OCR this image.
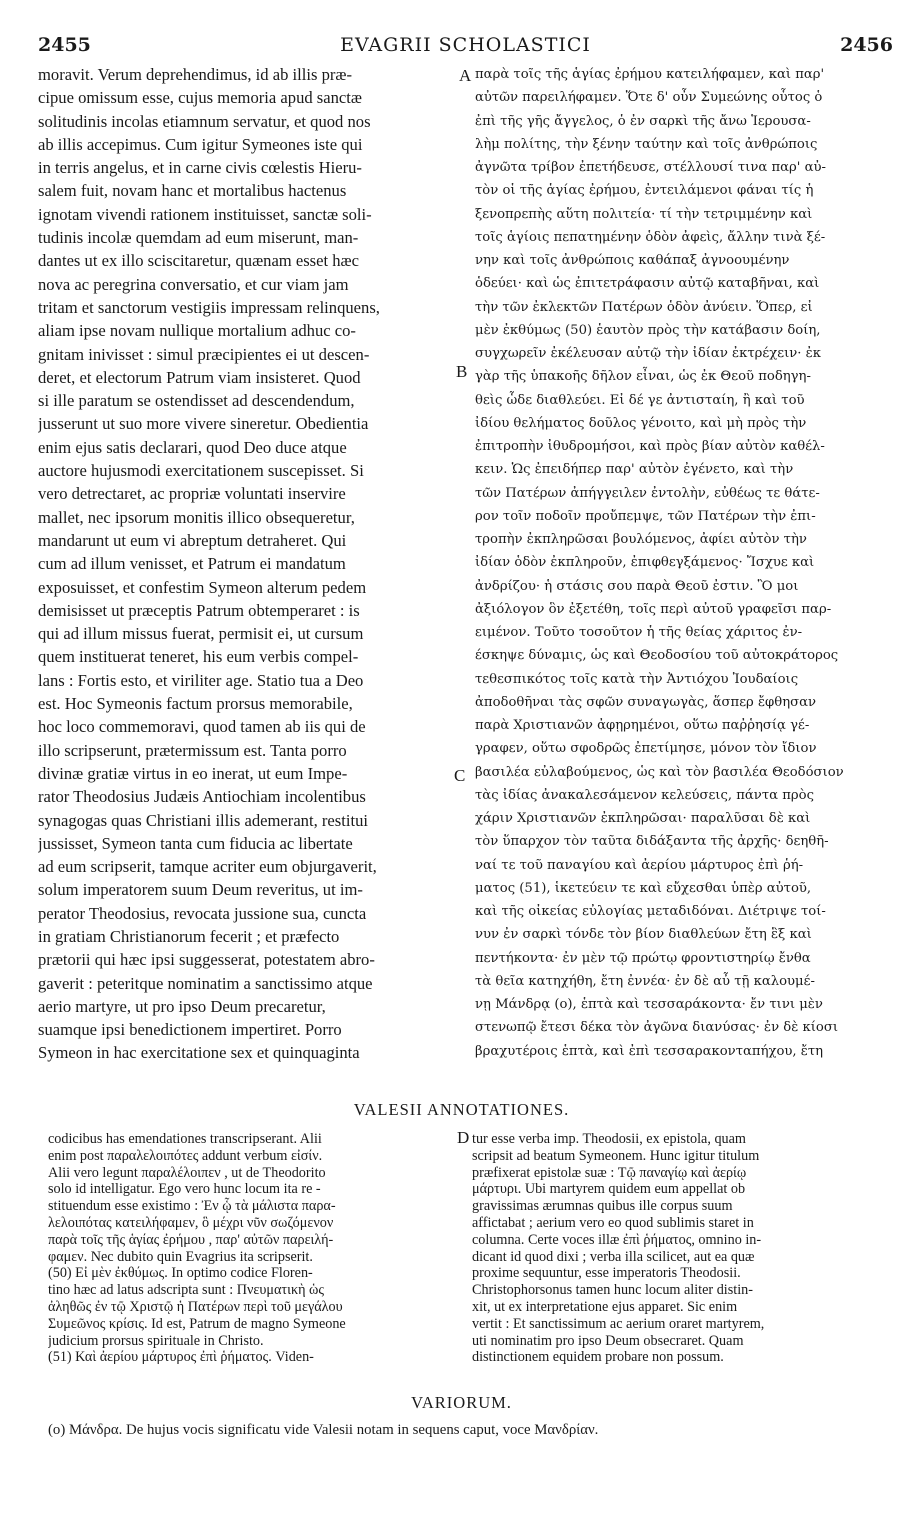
2455	EVAGRII SCHOLASTICI	2456
moravit. Verum deprehendimus, id ab illis præ-
cipue omissum esse, cujus memoria apud sanctæ
solitudinis incolas etiamnum servatur, et quod nos
ab illis accepimus. Cum igitur Symeones iste qui
in terris angelus, et in carne civis cœlestis Hieru-
salem fuit, novam hanc et mortalibus hactenus
ignotam vivendi rationem instituisset, sanctæ soli-
tudinis incolæ quemdam ad eum miserunt, man-
dantes ut ex illo sciscitaretur, quænam esset hæc
nova ac peregrina conversatio, et cur viam jam
tritam et sanctorum vestigiis impressam relinquens,
aliam ipse novam nullique mortalium adhuc co-
gnitam inivisset : simul præcipientes ei ut descen-
deret, et electorum Patrum viam insisteret. Quod
si ille paratum se ostendisset ad descendendum,
jusserunt ut suo more vivere sineretur. Obedientia
enim ejus satis declarari, quod Deo duce atque
auctore hujusmodi exercitationem suscepisset. Si
vero detrectaret, ac propriæ voluntati inservire
mallet, nec ipsorum monitis illico obsequeretur,
mandarunt ut eum vi abreptum detraheret. Qui
cum ad illum venisset, et Patrum ei mandatum
exposuisset, et confestim Symeon alterum pedem
demisisset ut præceptis Patrum obtemperaret : is
qui ad illum missus fuerat, permisit ei, ut cursum
quem instituerat teneret, his eum verbis compel-
lans : Fortis esto, et viriliter age. Statio tua a Deo
est. Hoc Symeonis factum prorsus memorabile,
hoc loco commemoravi, quod tamen ab iis qui de
illo scripserunt, prætermissum est. Tanta porro
divinæ gratiæ virtus in eo inerat, ut eum Impe-
rator Theodosius Judæis Antiochiam incolentibus
synagogas quas Christiani illis ademerant, restitui
jussisset, Symeon tanta cum fiducia ac libertate
ad eum scripserit, tamque acriter eum objurgaverit,
solum imperatorem suum Deum reveritus, ut im-
perator Theodosius, revocata jussione sua, cuncta
in gratiam Christianorum fecerit ; et præfecto
prætorii qui hæc ipsi suggesserat, potestatem abro-
gaverit : peteritque nominatim a sanctissimo atque
aerio martyre, ut pro ipso Deum precaretur,
suamque ipsi benedictionem impertiret. Porro
Symeon in hac exercitatione sex et quinquaginta
παρὰ τοῖς τῆς ἁγίας ἐρήμου κατειλήφαμεν, καὶ παρ'
αὐτῶν παρειλήφαμεν. Ὅτε δ' οὖν Συμεώνης οὗτος ὁ
ἐπὶ τῆς γῆς ἄγγελος, ὁ ἐν σαρκὶ τῆς ἄνω Ἱερουσα-
λὴμ πολίτης, τὴν ξένην ταύτην καὶ τοῖς ἀνθρώποις
ἀγνῶτα τρίβον ἐπετήδευσε, στέλλουσί τινα παρ' αὐ-
τὸν οἱ τῆς ἁγίας ἐρήμου, ἐντειλάμενοι φάναι τίς ἡ
ξενοπρεπὴς αὕτη πολιτεία· τί τὴν τετριμμένην καὶ
τοῖς ἁγίοις πεπατημένην ὁδὸν ἀφεὶς, ἄλλην τινὰ ξέ-
νην καὶ τοῖς ἀνθρώποις καθάπαξ ἀγνοουμένην
ὁδεύει· καὶ ὡς ἐπιτετράφασιν αὐτῷ καταβῆναι, καὶ
τὴν τῶν ἐκλεκτῶν Πατέρων ὁδὸν ἀνύειν. Ὅπερ, εἰ
μὲν ἐκθύμως (50) ἑαυτὸν πρὸς τὴν κατάβασιν δοίη,
συγχωρεῖν ἐκέλευσαν αὐτῷ τὴν ἰδίαν ἐκτρέχειν· ἐκ
γὰρ τῆς ὑπακοῆς δῆλον εἶναι, ὡς ἐκ Θεοῦ ποδηγη-
θεὶς ὧδε διαθλεύει. Εἰ δέ γε ἀντισταίη, ἢ καὶ τοῦ
ἰδίου θελήματος δοῦλος γένοιτο, καὶ μὴ πρὸς τὴν
ἐπιτροπὴν ἰθυδρομήσοι, καὶ πρὸς βίαν αὐτὸν καθέλ-
κειν. Ὡς ἐπειδήπερ παρ' αὐτὸν ἐγένετο, καὶ τὴν
τῶν Πατέρων ἀπήγγειλεν ἐντολὴν, εὐθέως τε θάτε-
ρον τοῖν ποδοῖν προὔπεμψε, τῶν Πατέρων τὴν ἐπι-
τροπὴν ἐκπληρῶσαι βουλόμενος, ἀφίει αὐτὸν τὴν
ἰδίαν ὁδὸν ἐκπληροῦν, ἐπιφθεγξάμενος· Ἴσχυε καὶ
ἀνδρίζου· ἡ στάσις σου παρὰ Θεοῦ ἐστιν. Ὃ μοι
ἀξιόλογον ὃν ἐξετέθη, τοῖς περὶ αὐτοῦ γραφεῖσι παρ-
ειμένον. Τοῦτο τοσοῦτον ἡ τῆς θείας χάριτος ἐν-
έσκηψε δύναμις, ὡς καὶ Θεοδοσίου τοῦ αὐτοκράτορος
τεθεσπικότος τοῖς κατὰ τὴν Ἀντιόχου Ἰουδαίοις
ἀποδοθῆναι τὰς σφῶν συναγωγὰς, ἅσπερ ἔφθησαν
παρὰ Χριστιανῶν ἀφῃρημένοι, οὕτω παῤῥησίᾳ γέ-
γραφεν, οὕτω σφοδρῶς ἐπετίμησε, μόνον τὸν ἴδιον
βασιλέα εὐλαβούμενος, ὡς καὶ τὸν βασιλέα Θεοδόσιον
τὰς ἰδίας ἀνακαλεσάμενον κελεύσεις, πάντα πρὸς
χάριν Χριστιανῶν ἐκπληρῶσαι· παραλῦσαι δὲ καὶ
τὸν ὕπαρχον τὸν ταῦτα διδάξαντα τῆς ἀρχῆς· δεηθῆ-
ναί τε τοῦ παναγίου καὶ ἀερίου μάρτυρος ἐπὶ ῥή-
ματος (51), ἱκετεύειν τε καὶ εὔχεσθαι ὑπὲρ αὐτοῦ,
καὶ τῆς οἰκείας εὐλογίας μεταδιδόναι. Διέτριψε τοί-
νυν ἐν σαρκὶ τόνδε τὸν βίον διαθλεύων ἔτη ἓξ καὶ
πεντήκοντα· ἐν μὲν τῷ πρώτῳ φροντιστηρίῳ ἔνθα
τὰ θεῖα κατηχήθη, ἔτη ἐννέα· ἐν δὲ αὖ τῇ καλουμέ-
νῃ Μάνδρᾳ (ο), ἑπτὰ καὶ τεσσαράκοντα· ἔν τινι μὲν
στενωπῷ ἔτεσι δέκα τὸν ἀγῶνα διανύσας· ἐν δὲ κίοσι
βραχυτέροις ἑπτὰ, καὶ ἐπὶ τεσσαρακονταπήχου, ἔτη
A
B
C
D
VALESII ANNOTATIONES.
codicibus has emendationes transcripserant. Alii
enim post παραλελοιπότες addunt verbum εἰσίν.
Alii vero legunt παραλέλοιπεν , ut de Theodorito
solo id intelligatur. Ego vero hunc locum ita re -
stituendum esse existimo : Ἐν ᾧ τὰ μάλιστα παρα-
λελοιπότας κατειλήφαμεν, ὃ μέχρι νῦν σωζόμενον
παρὰ τοῖς τῆς ἁγίας ἐρήμου , παρ' αὐτῶν παρειλή-
φαμεν. Nec dubito quin Evagrius ita scripserit.
(50) Εἰ μὲν ἐκθύμως. In optimo codice Floren-
tino hæc ad latus adscripta sunt : Πνευματικὴ ὡς
ἀληθῶς ἐν τῷ Χριστῷ ἡ Πατέρων περὶ τοῦ μεγάλου
Συμεῶνος κρίσις. Id est, Patrum de magno Symeone
judicium prorsus spirituale in Christo.
(51) Καὶ ἀερίου μάρτυρος ἐπὶ ῥήματος. Viden-
tur esse verba imp. Theodosii, ex epistola, quam
scripsit ad beatum Symeonem. Hunc igitur titulum
præfixerat epistolæ suæ : Τῷ παναγίῳ καὶ ἀερίῳ
μάρτυρι. Ubi martyrem quidem eum appellat ob
gravissimas ærumnas quibus ille corpus suum
affictabat ; aerium vero eo quod sublimis staret in
columna. Certe voces illæ ἐπὶ ῥήματος, omnino in-
dicant id quod dixi ; verba illa scilicet, aut ea quæ
proxime sequuntur, esse imperatoris Theodosii.
Christophorsonus tamen hunc locum aliter distin-
xit, ut ex interpretatione ejus apparet. Sic enim
vertit : Et sanctissimum ac aerium oraret martyrem,
uti nominatim pro ipso Deum obsecraret. Quam
distinctionem equidem probare non possum.
VARIORUM.
(ο) Μάνδρα. De hujus vocis significatu vide Valesii notam in sequens caput, voce Μανδρίαν.
